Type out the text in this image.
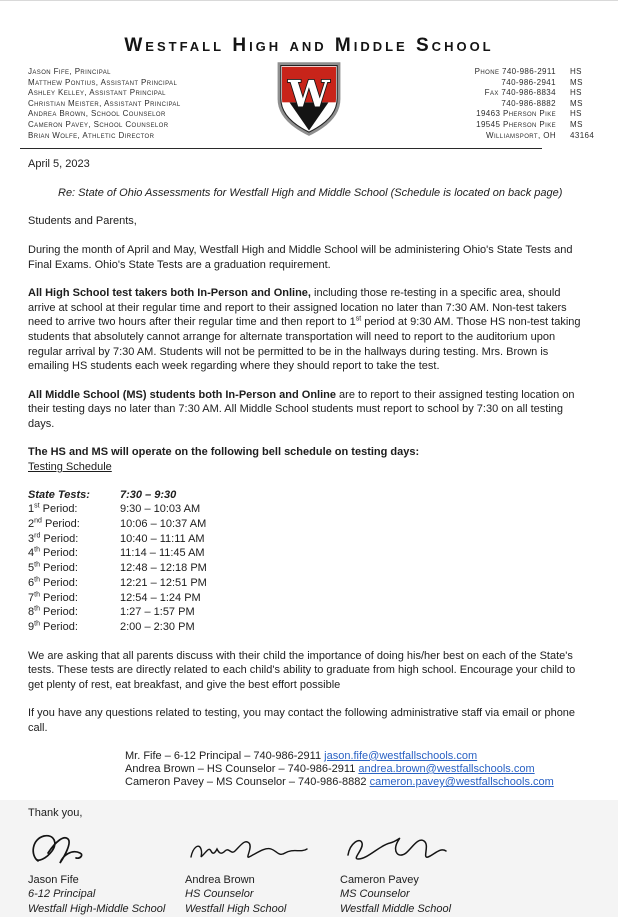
Westfall High and Middle School
Jason Fife, Principal
Matthew Pontius, Assistant Principal
Ashley Kelley, Assistant Principal
Christian Meister, Assistant Principal
Andrea Brown, School Counselor
Cameron Pavey, School Counselor
Brian Wolfe, Athletic Director
W
Phone 740-986-2911	HS
740-986-2941	MS
Fax 740-986-8834	HS
740-986-8882	MS
19463 Pherson Pike	HS
19545 Pherson Pike	MS
Williamsport, OH	43164
April 5, 2023
Re: State of Ohio Assessments for Westfall High and Middle School (Schedule is located on back page)
Students and Parents,
During the month of April and May, Westfall High and Middle School will be administering Ohio's State Tests and Final Exams. Ohio's State Tests are a graduation requirement.
All High School test takers both In-Person and Online, including those re-testing in a specific area, should arrive at school at their regular time and report to their assigned location no later than 7:30 AM. Non-test takers need to arrive two hours after their regular time and then report to 1st period at 9:30 AM. Those HS non-test taking students that absolutely cannot arrange for alternate transportation will need to report to the auditorium upon regular arrival by 7:30 AM. Students will not be permitted to be in the hallways during testing. Mrs. Brown is emailing HS students each week regarding where they should report to take the test.
All Middle School (MS) students both In-Person and Online are to report to their assigned testing location on their testing days no later than 7:30 AM. All Middle School students must report to school by 7:30 on all testing days.
The HS and MS will operate on the following bell schedule on testing days:
Testing Schedule
State Tests:	7:30 – 9:30
1st Period:	9:30 – 10:03 AM
2nd Period:	10:06 – 10:37 AM
3rd Period:	10:40 – 11:11 AM
4th Period:	11:14 – 11:45 AM
5th Period:	12:48 – 12:18 PM
6th Period:	12:21 – 12:51 PM
7th Period:	12:54 – 1:24 PM
8th Period:	1:27 – 1:57 PM
9th Period:	2:00 – 2:30 PM
We are asking that all parents discuss with their child the importance of doing his/her best on each of the State's tests. These tests are directly related to each child's ability to graduate from high school. Encourage your child to get plenty of rest, eat breakfast, and give the best effort possible
If you have any questions related to testing, you may contact the following administrative staff via email or phone call.
Mr. Fife – 6-12 Principal – 740-986-2911 jason.fife@westfallschools.com
Andrea Brown – HS Counselor – 740-986-2911 andrea.brown@westfallschools.com
Cameron Pavey – MS Counselor – 740-986-8882 cameron.pavey@westfallschools.com
Thank you,
Jason Fife
6-12 Principal
Westfall High-Middle School
Andrea Brown
HS Counselor
Westfall High School
Cameron Pavey
MS Counselor
Westfall Middle School
